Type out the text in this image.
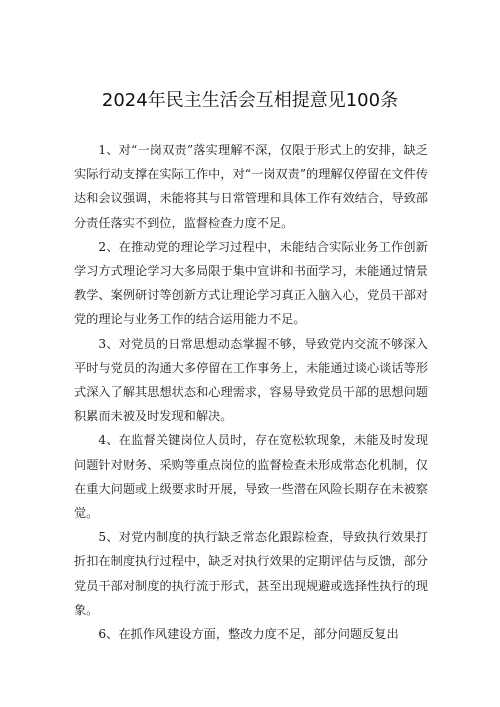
2024年民主生活会互相提意见100条

1、对“一岗双责”落实理解不深，仅限于形式上的安排，缺乏实际行动支撑在实际工作中，对“一岗双责”的理解仅停留在文件传达和会议强调，未能将其与日常管理和具体工作有效结合，导致部分责任落实不到位，监督检查力度不足。

2、在推动党的理论学习过程中，未能结合实际业务工作创新学习方式理论学习大多局限于集中宣讲和书面学习，未能通过情景教学、案例研讨等创新方式让理论学习真正入脑入心，党员干部对党的理论与业务工作的结合运用能力不足。

3、对党员的日常思想动态掌握不够，导致党内交流不够深入平时与党员的沟通大多停留在工作事务上，未能通过谈心谈话等形式深入了解其思想状态和心理需求，容易导致党员干部的思想问题积累而未被及时发现和解决。

4、在监督关键岗位人员时，存在宽松软现象，未能及时发现问题针对财务、采购等重点岗位的监督检查未形成常态化机制，仅在重大问题或上级要求时开展，导致一些潜在风险长期存在未被察觉。

5、对党内制度的执行缺乏常态化跟踪检查，导致执行效果打折扣在制度执行过程中，缺乏对执行效果的定期评估与反馈，部分党员干部对制度的执行流于形式，甚至出现规避或选择性执行的现象。

6、在抓作风建设方面，整改力度不足，部分问题反复出
